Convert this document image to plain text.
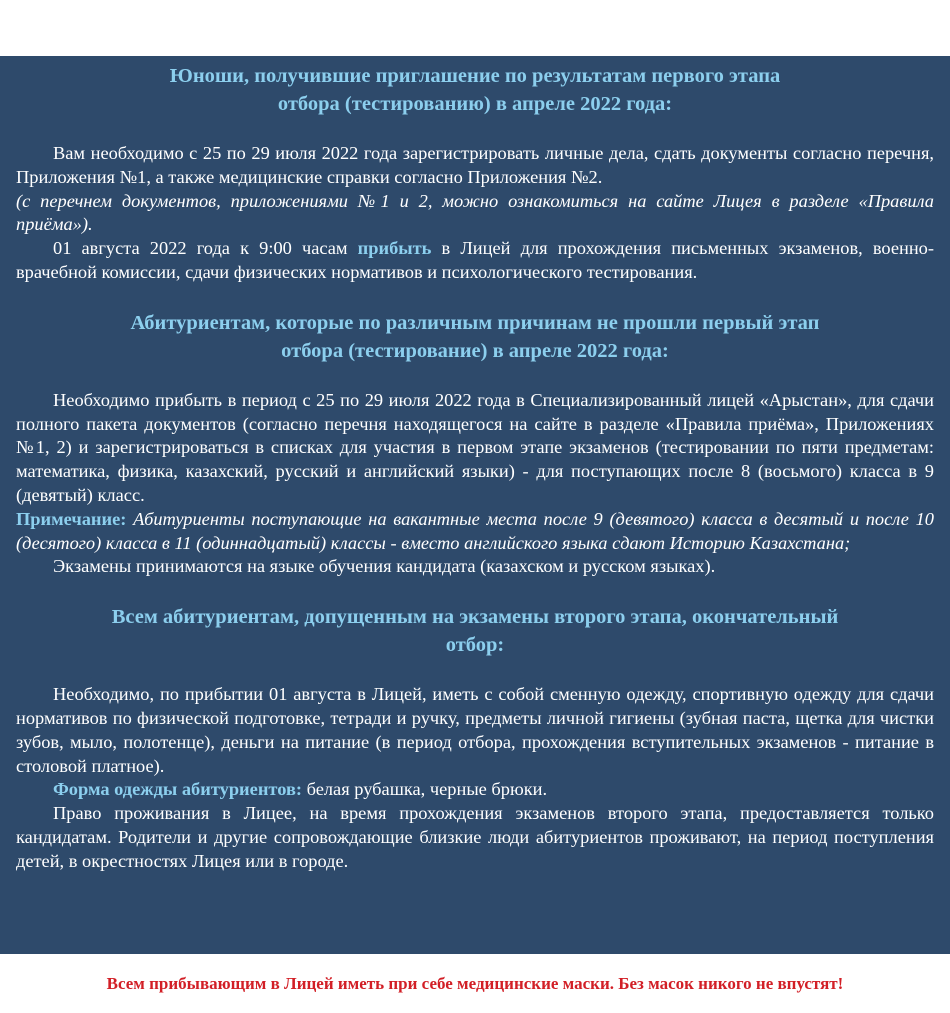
Юноши, получившие приглашение по результатам первого этапа
отбора (тестированию) в апреле 2022 года:

Вам необходимо с 25 по 29 июля 2022 года зарегистрировать личные дела, сдать документы согласно перечня, Приложения №1, а также медицинские справки согласно Приложения №2.

(с перечнем документов, приложениями №1 и 2, можно ознакомиться на сайте Лицея в разделе «Правила приёма»).

01 августа 2022 года к 9:00 часам прибыть в Лицей для прохождения письменных экзаменов, военно-врачебной комиссии, сдачи физических нормативов и психологического тестирования.

Абитуриентам, которые по различным причинам не прошли первый этап
отбора (тестирование) в апреле 2022 года:

Необходимо прибыть в период с 25 по 29 июля 2022 года в Специализированный лицей «Арыстан», для сдачи полного пакета документов (согласно перечня находящегося на сайте в разделе «Правила приёма», Приложениях №1, 2) и зарегистрироваться в списках для участия в первом этапе экзаменов (тестировании по пяти предметам: математика, физика, казахский, русский и английский языки) - для поступающих после 8 (восьмого) класса в 9 (девятый) класс.

Примечание: Абитуриенты поступающие на вакантные места после 9 (девятого) класса в десятый и после 10 (десятого) класса в 11 (одиннадцатый) классы - вместо английского языка сдают Историю Казахстана;

Экзамены принимаются на языке обучения кандидата (казахском и русском языках).

Всем абитуриентам, допущенным на экзамены второго этапа, окончательный
отбор:

Необходимо, по прибытии 01 августа в Лицей, иметь с собой сменную одежду, спортивную одежду для сдачи нормативов по физической подготовке, тетради и ручку, предметы личной гигиены (зубная паста, щетка для чистки зубов, мыло, полотенце), деньги на питание (в период отбора, прохождения вступительных экзаменов - питание в столовой платное).

Форма одежды абитуриентов: белая рубашка, черные брюки.

Право проживания в Лицее, на время прохождения экзаменов второго этапа, предоставляется только кандидатам. Родители и другие сопровождающие близкие люди абитуриентов проживают, на период поступления детей, в окрестностях Лицея или в городе.

Всем прибывающим в Лицей иметь при себе медицинские маски. Без масок никого не впустят!
